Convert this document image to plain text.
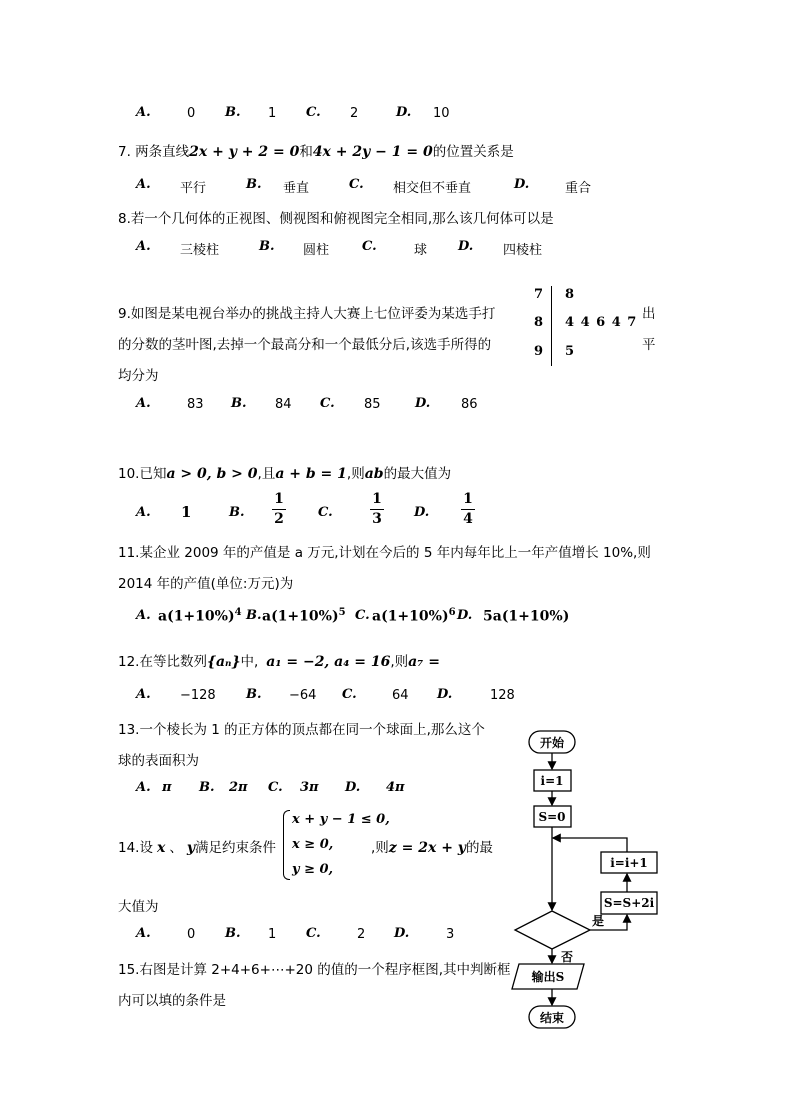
A.	0 B. 1 C. 2	D. 10
7. 两条直线2x + y + 2 = 0和4x + 2y − 1 = 0的位置关系是
A. 平行	B. 垂直	C. 相交但不垂直	D.	重合
8.若一个几何体的正视图、侧视图和俯视图完全相同,那么该几何体可以是
A. 三棱柱	B. 圆柱	C.	球 D. 四棱柱
9.如图是某电视台举办的挑战主持人大赛上七位评委为某选手打
的分数的茎叶图,去掉一个最高分和一个最低分后,该选手所得的
均分为
出
平
7 8
8 4 4 6 4 7
9 5
A.	83 B. 84 C. 85	D. 86
10.已知a > 0, b > 0,且a + b = 1,则ab的最大值为
A. 1	B.
1
2	C.
1
3 D.
1
4
11.某企业 2009 年的产值是 a 万元,计划在今后的 5 年内每年比上一年产值增长 10%,则
2014 年的产值(单位:万元)为
A. $a(1+10\%)^4$ B. $a(1+10\%)^5$ C. $a(1+10\%)^6$ D. 5a(1+10%)
12.在等比数列{aₙ}中, a₁ = −2, a₄ = 16,则a₇ =
A. −128 B. −64 C.	64 D.	128
13.一个棱长为 1 的正方体的顶点都在同一个球面上,那么这个
球的表面积为
A. π B. 2π C. 3π D. 4π
14.设 x 、 y满足约束条件
x + y − 1 ≤ 0,
x ≥ 0,
y ≥ 0,
,则z = 2x + y的最
大值为
A.	0 B. 1 C.	2 D.	3
15.右图是计算 2+4+6+⋯+20 的值的一个程序框图,其中判断框
内可以填的条件是
开始
i=1
S=0
i=i+1
S=S+2i
是
否
输出S
结束
